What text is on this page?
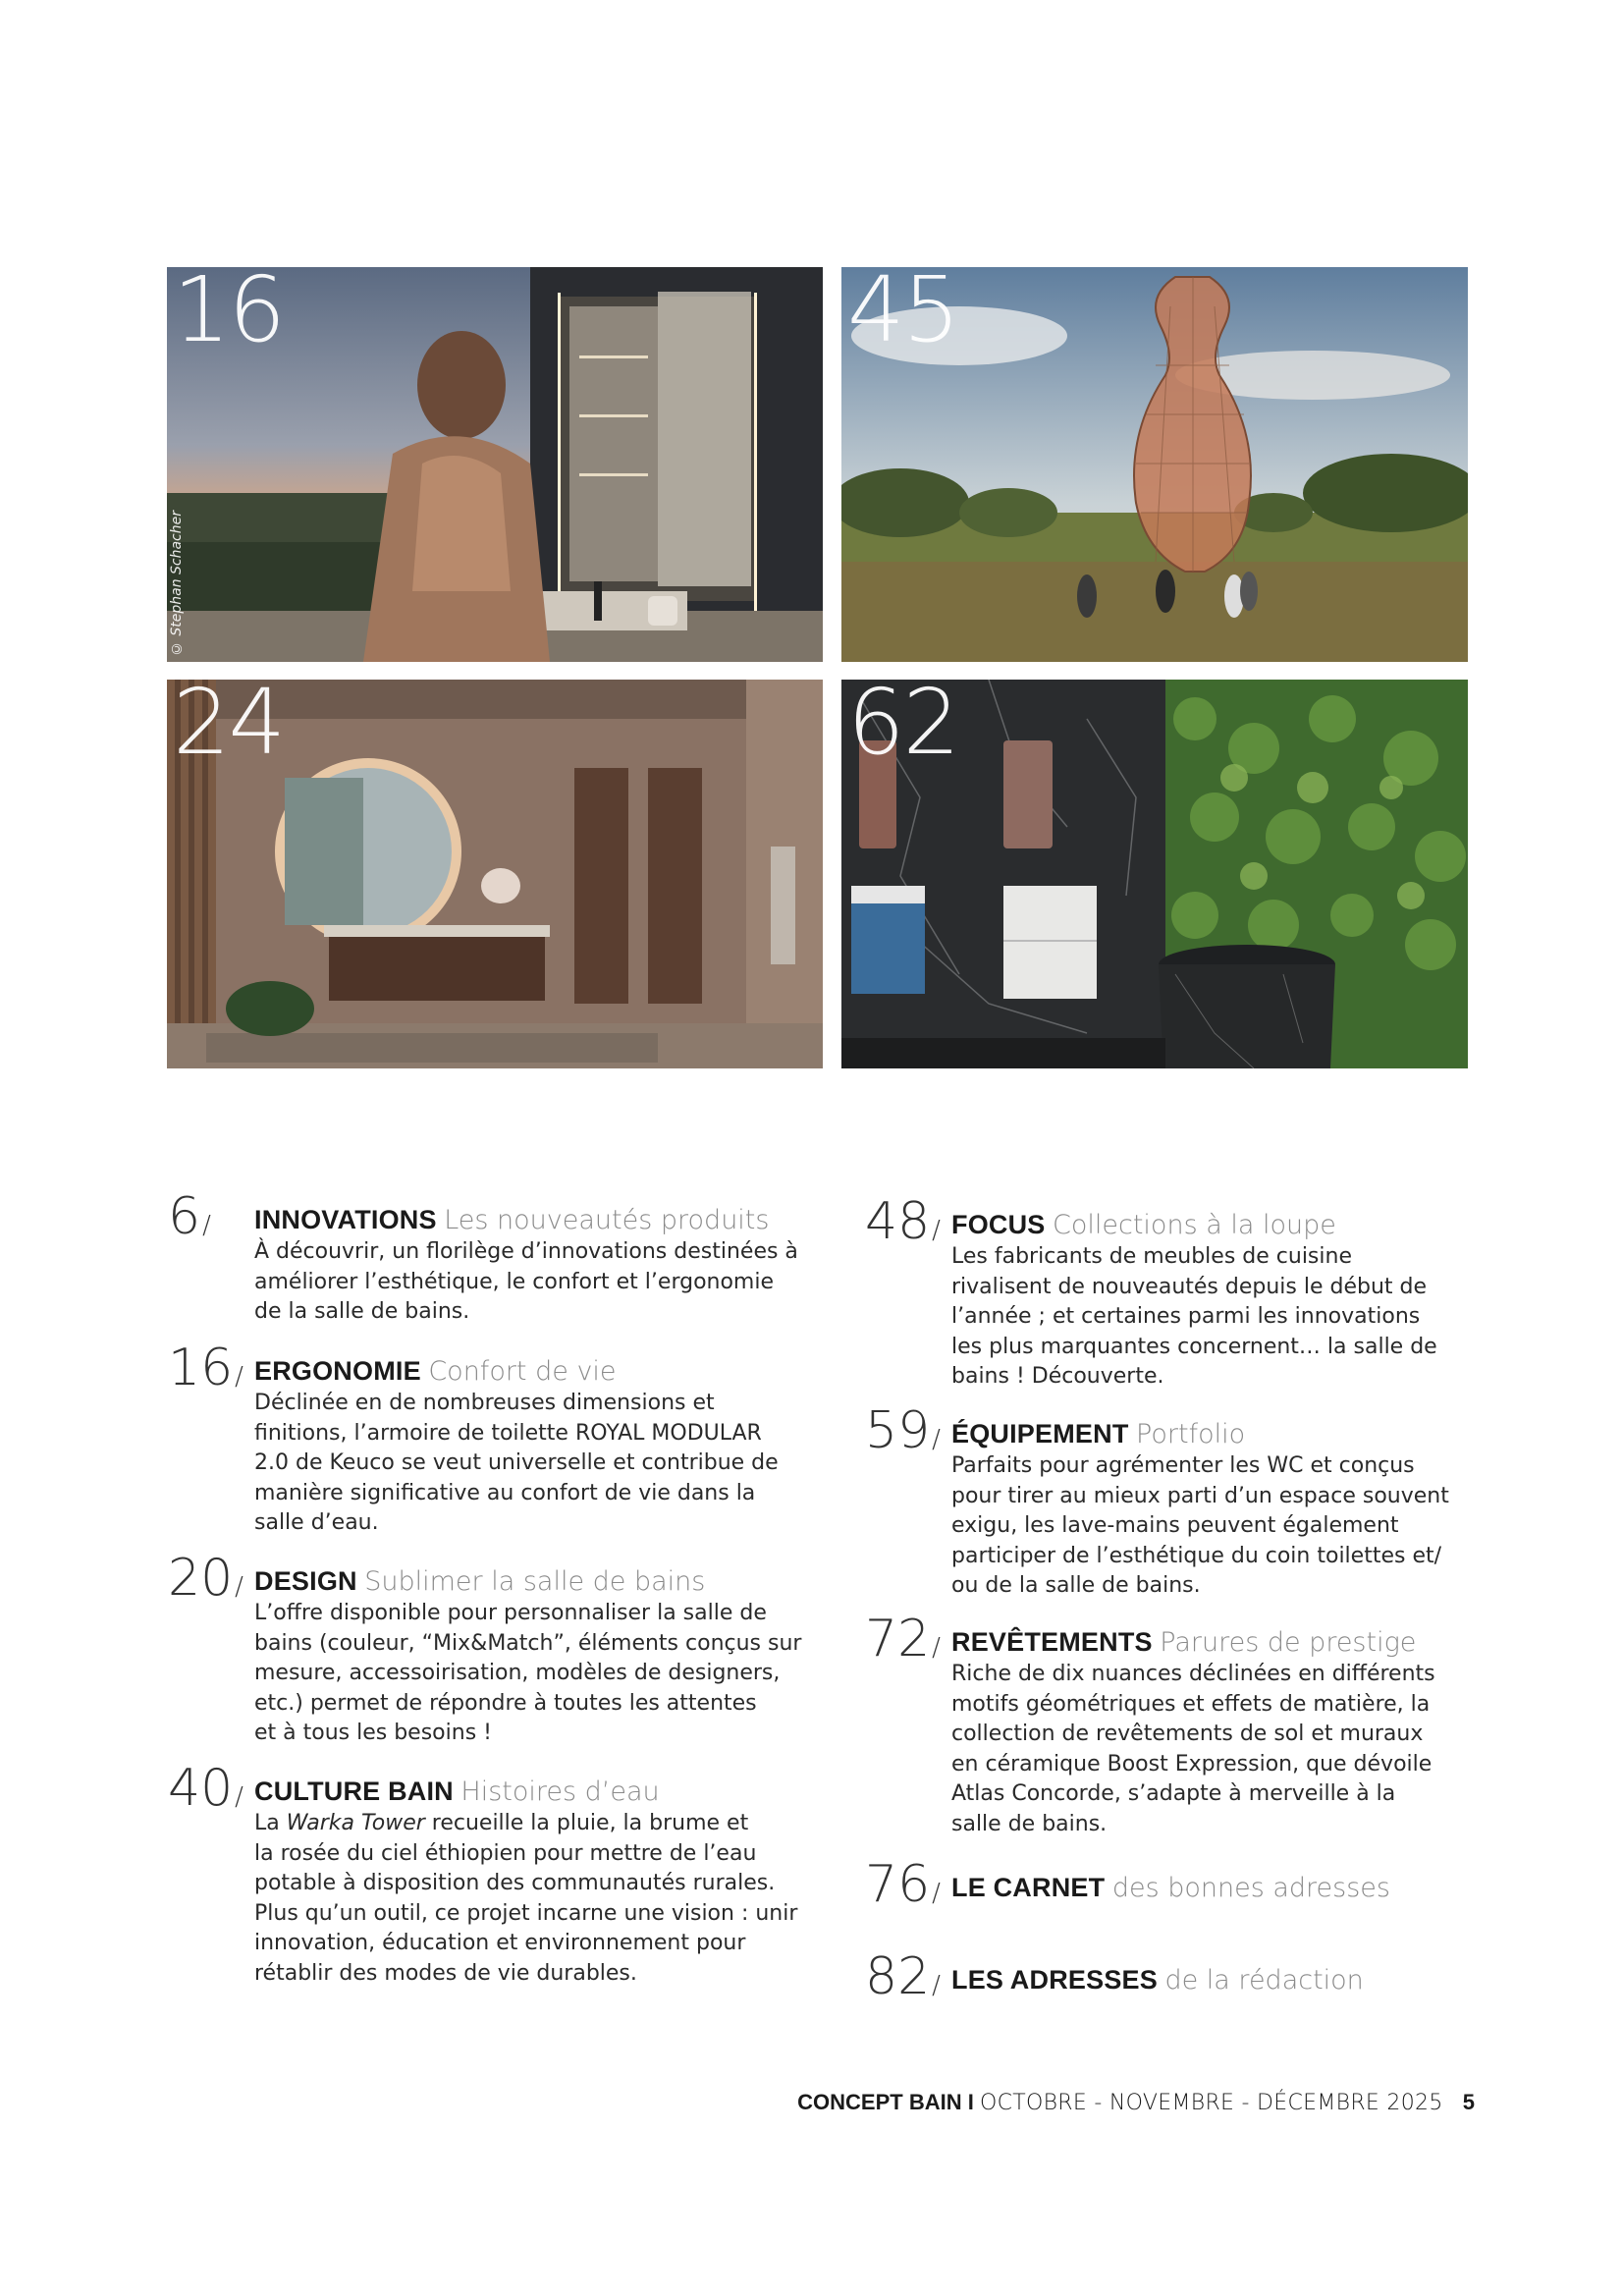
16
© Stephan Schacher
45
24	62
6/	INNOVATIONS Les nouveautés produits
À découvrir, un florilège d’innovations destinées à
améliorer l’esthétique, le confort et l’ergonomie
de la salle de bains.
16/ ERGONOMIE Confort de vie
Déclinée en de nombreuses dimensions et
finitions, l’armoire de toilette ROYAL MODULAR
2.0 de Keuco se veut universelle et contribue de
manière significative au confort de vie dans la
salle d’eau.
20/ DESIGN Sublimer la salle de bains
L’offre disponible pour personnaliser la salle de
bains (couleur, “Mix&Match”, éléments conçus sur
mesure, accessoirisation, modèles de designers,
etc.) permet de répondre à toutes les attentes
et à tous les besoins !
40/ CULTURE BAIN Histoires d’eau
La Warka Tower recueille la pluie, la brume et
la rosée du ciel éthiopien pour mettre de l’eau
potable à disposition des communautés rurales.
Plus qu’un outil, ce projet incarne une vision : unir
innovation, éducation et environnement pour
rétablir des modes de vie durables.
48/ FOCUS Collections à la loupe
Les fabricants de meubles de cuisine
rivalisent de nouveautés depuis le début de
l’année ; et certaines parmi les innovations
les plus marquantes concernent… la salle de
bains ! Découverte.
59/ ÉQUIPEMENT Portfolio
Parfaits pour agrémenter les WC et conçus
pour tirer au mieux parti d’un espace souvent
exigu, les lave-mains peuvent également
participer de l’esthétique du coin toilettes et/
ou de la salle de bains.
72/ REVÊTEMENTS Parures de prestige
Riche de dix nuances déclinées en différents
motifs géométriques et effets de matière, la
collection de revêtements de sol et muraux
en céramique Boost Expression, que dévoile
Atlas Concorde, s’adapte à merveille à la
salle de bains.
76/ LE CARNET des bonnes adresses
82/ LES ADRESSES de la rédaction
CONCEPT BAIN I OCTOBRE - NOVEMBRE - DÉCEMBRE 2025 5
